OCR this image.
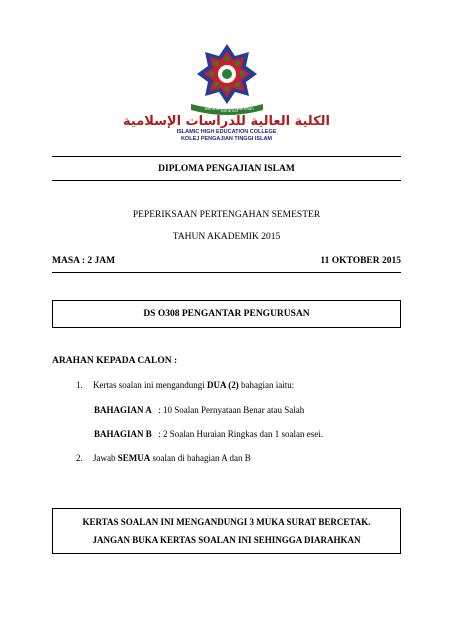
Berilmu Beramal Beriman
الكلية العالية للدراسات الإسلامية
ISLAMIC HIGH EDUCATION COLLEGE
KOLEJ PENGAJIAN TINGGI ISLAM
DIPLOMA PENGAJIAN ISLAM
PEPERIKSAAN PERTENGAHAN SEMESTER
TAHUN AKADEMIK 2015
MASA : 2 JAM	11 OKTOBER 2015
DS O308 PENGANTAR PENGURUSAN
ARAHAN KEPADA CALON :
1. Kertas soalan ini mengandungi DUA (2) bahagian iaitu:
BAHAGIAN A : 10 Soalan Pernyataan Benar atau Salah
BAHAGIAN B : 2 Soalan Huraian Ringkas dan 1 soalan esei.
2. Jawab SEMUA soalan di bahagian A dan B
KERTAS SOALAN INI MENGANDUNGI 3 MUKA SURAT BERCETAK.
JANGAN BUKA KERTAS SOALAN INI SEHINGGA DIARAHKAN
